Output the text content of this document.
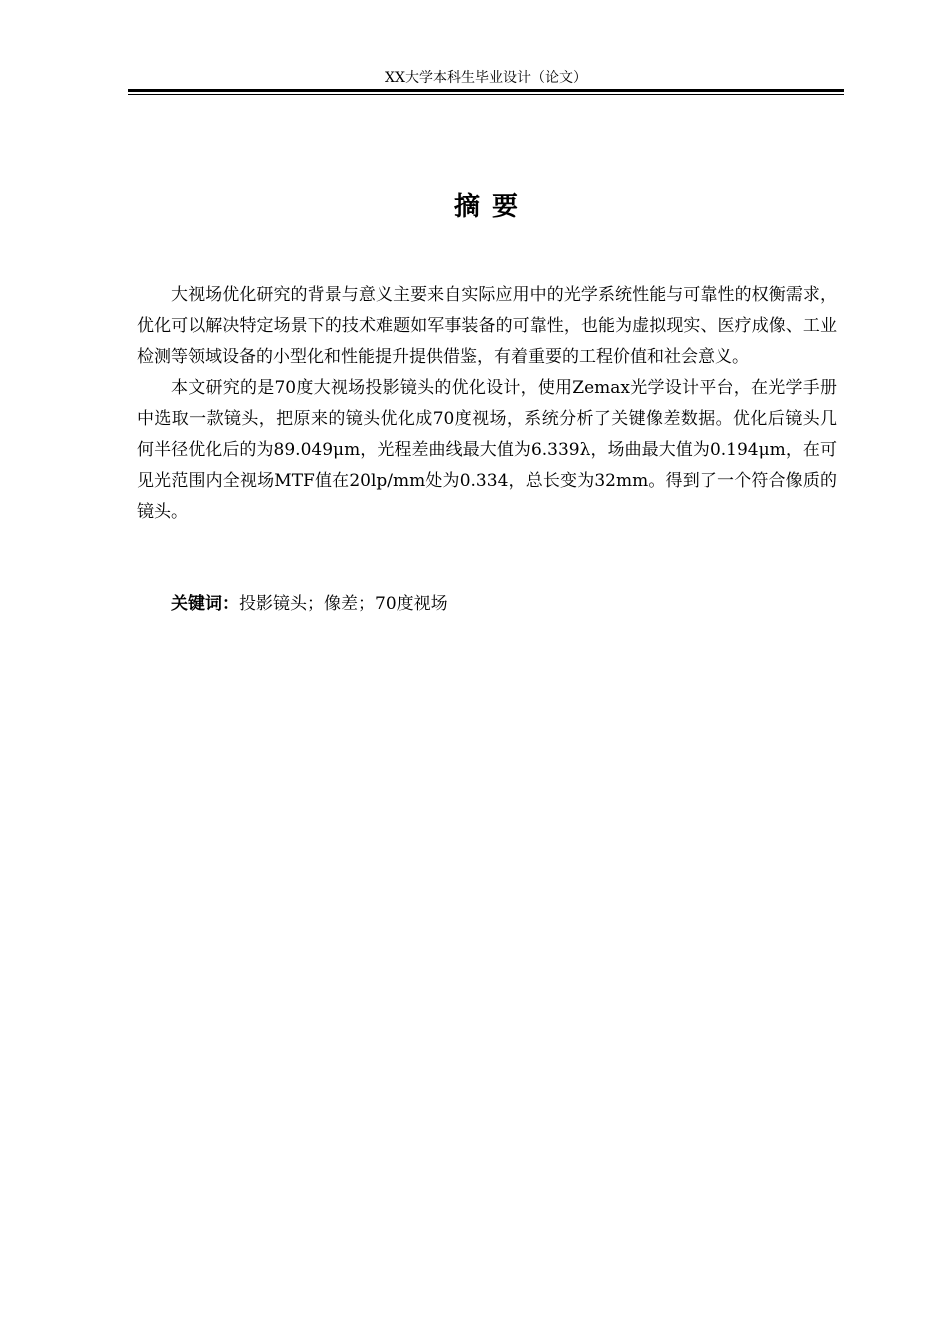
XX大学本科生毕业设计（论文）
摘要

大视场优化研究的背景与意义主要来自实际应用中的光学系统性能与可靠性的权衡需求，优化可以解决特定场景下的技术难题如军事装备的可靠性，也能为虚拟现实、医疗成像、工业检测等领域设备的小型化和性能提升提供借鉴，有着重要的工程价值和社会意义。

本文研究的是70度大视场投影镜头的优化设计，使用Zemax光学设计平台，在光学手册中选取一款镜头，把原来的镜头优化成70度视场，系统分析了关键像差数据。优化后镜头几何半径优化后的为89.049μm，光程差曲线最大值为6.339λ，场曲最大值为0.194μm，在可见光范围内全视场MTF值在20lp/mm处为0.334，总长变为32mm。得到了一个符合像质的镜头。

关键词：投影镜头；像差；70度视场
